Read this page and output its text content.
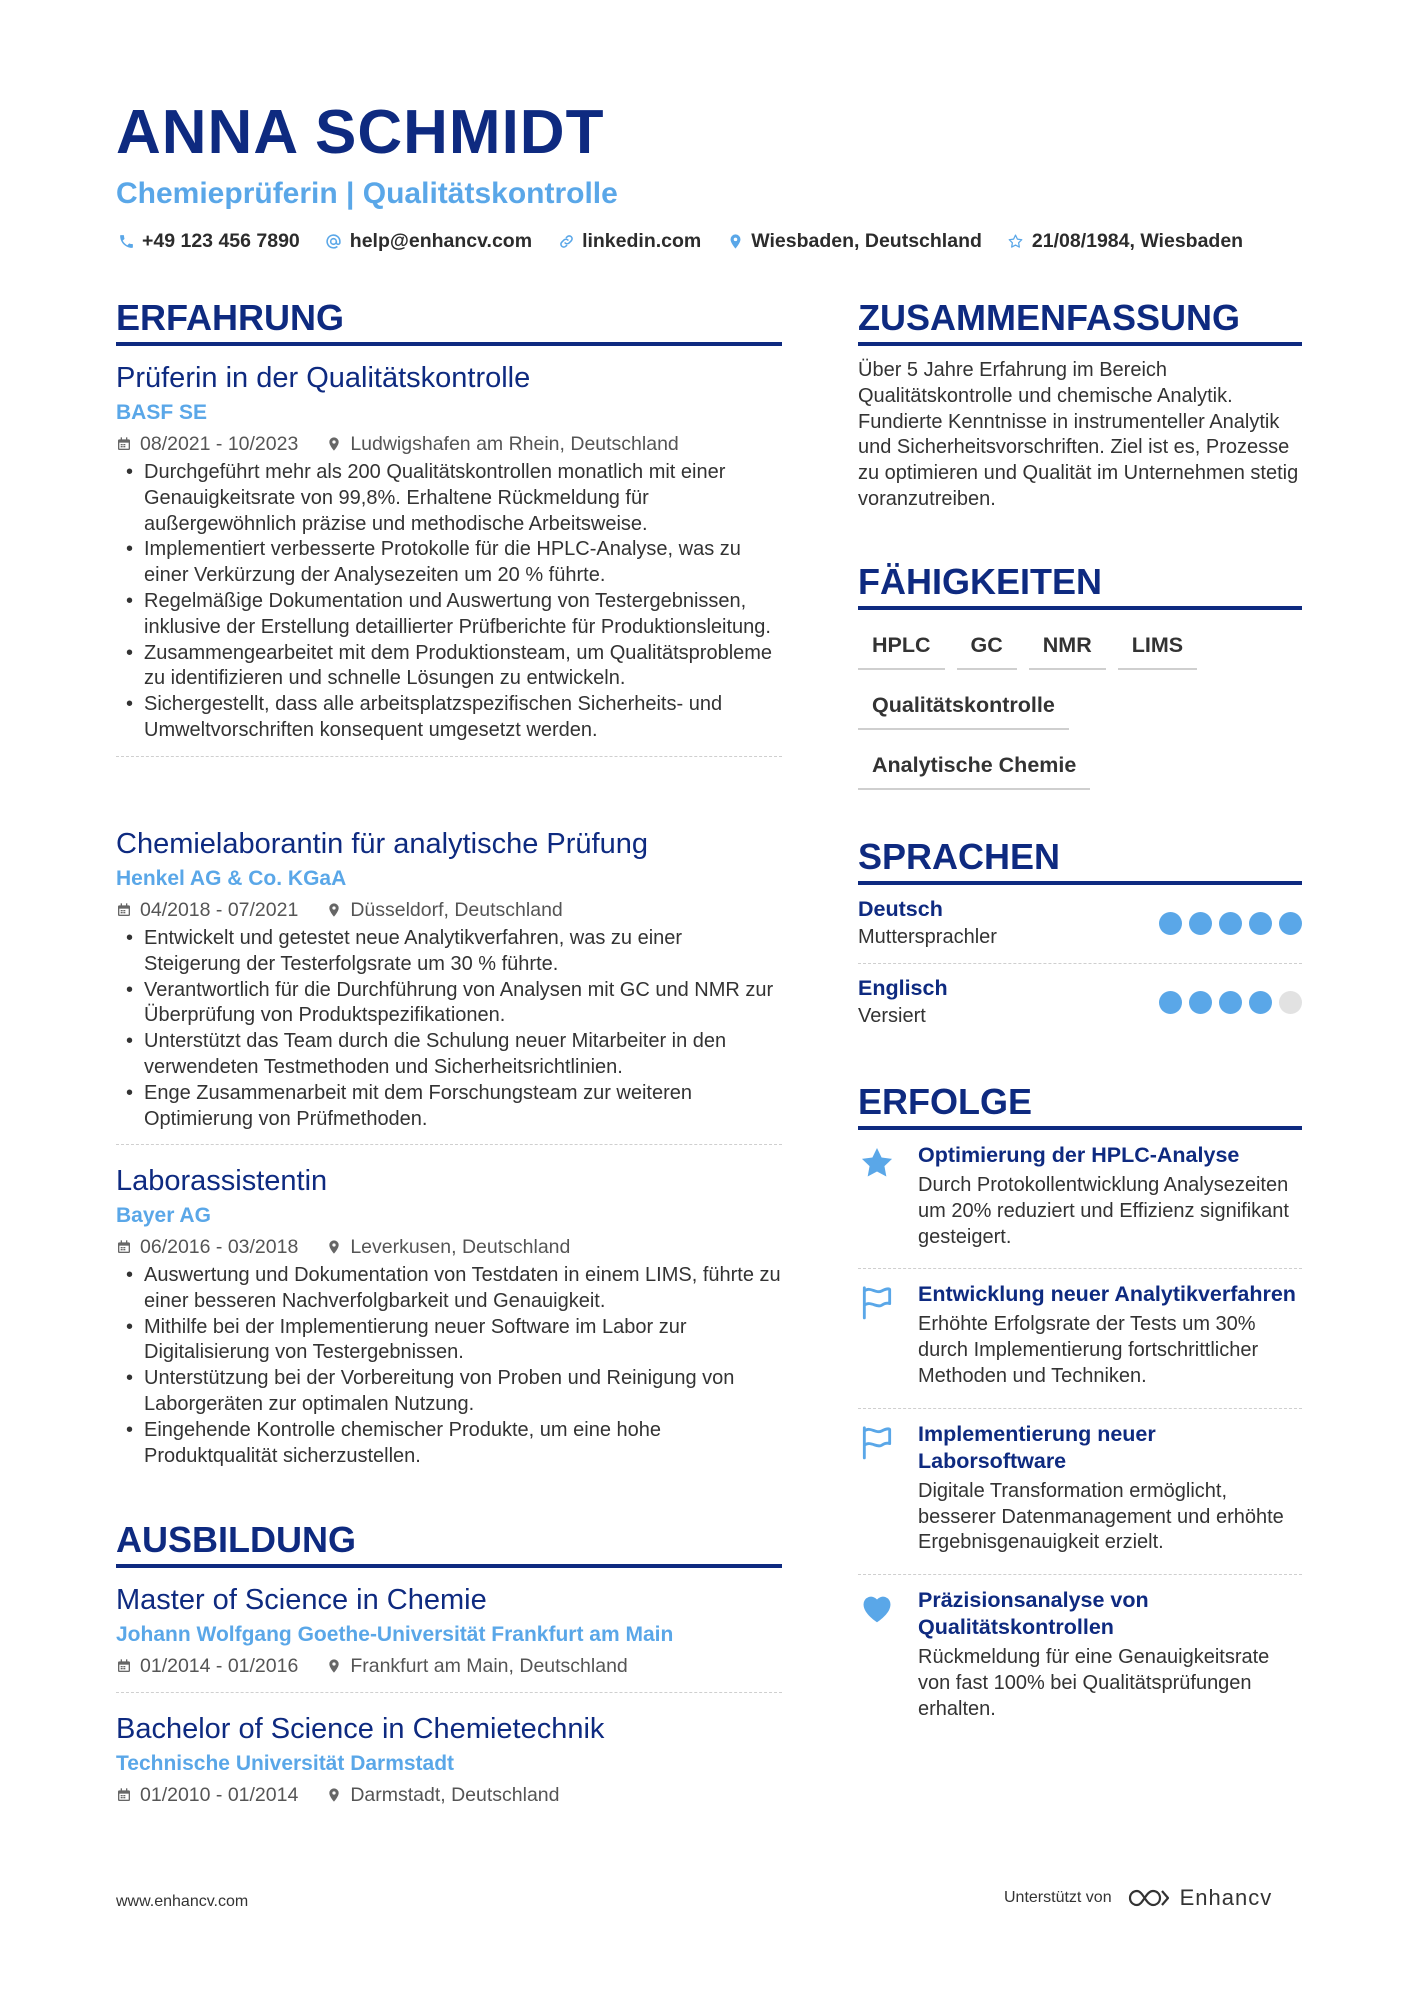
ANNA SCHMIDT
Chemieprüferin | Qualitätskontrolle
+49 123 456 7890	help@enhancv.com	linkedin.com	Wiesbaden, Deutschland	21/08/1984, Wiesbaden
ERFAHRUNG
Prüferin in der Qualitätskontrolle
BASF SE
08/2021 - 10/2023	Ludwigshafen am Rhein, Deutschland
• Durchgeführt mehr als 200 Qualitätskontrollen monatlich mit einer Genauigkeitsrate von 99,8%. Erhaltene Rückmeldung für außergewöhnlich präzise und methodische Arbeitsweise.
• Implementiert verbesserte Protokolle für die HPLC-Analyse, was zu einer Verkürzung der Analysezeiten um 20 % führte.
• Regelmäßige Dokumentation und Auswertung von Testergebnissen, inklusive der Erstellung detaillierter Prüfberichte für Produktionsleitung.
• Zusammengearbeitet mit dem Produktionsteam, um Qualitätsprobleme zu identifizieren und schnelle Lösungen zu entwickeln.
• Sichergestellt, dass alle arbeitsplatzspezifischen Sicherheits- und Umweltvorschriften konsequent umgesetzt werden.
Chemielaborantin für analytische Prüfung
Henkel AG & Co. KGaA
04/2018 - 07/2021	Düsseldorf, Deutschland
• Entwickelt und getestet neue Analytikverfahren, was zu einer Steigerung der Testerfolgsrate um 30 % führte.
• Verantwortlich für die Durchführung von Analysen mit GC und NMR zur Überprüfung von Produktspezifikationen.
• Unterstützt das Team durch die Schulung neuer Mitarbeiter in den verwendeten Testmethoden und Sicherheitsrichtlinien.
• Enge Zusammenarbeit mit dem Forschungsteam zur weiteren Optimierung von Prüfmethoden.
Laborassistentin
Bayer AG
06/2016 - 03/2018	Leverkusen, Deutschland
• Auswertung und Dokumentation von Testdaten in einem LIMS, führte zu einer besseren Nachverfolgbarkeit und Genauigkeit.
• Mithilfe bei der Implementierung neuer Software im Labor zur Digitalisierung von Testergebnissen.
• Unterstützung bei der Vorbereitung von Proben und Reinigung von Laborgeräten zur optimalen Nutzung.
• Eingehende Kontrolle chemischer Produkte, um eine hohe Produktqualität sicherzustellen.
AUSBILDUNG
Master of Science in Chemie
Johann Wolfgang Goethe-Universität Frankfurt am Main
01/2014 - 01/2016	Frankfurt am Main, Deutschland
Bachelor of Science in Chemietechnik
Technische Universität Darmstadt
01/2010 - 01/2014	Darmstadt, Deutschland
ZUSAMMENFASSUNG
Über 5 Jahre Erfahrung im Bereich Qualitätskontrolle und chemische Analytik. Fundierte Kenntnisse in instrumenteller Analytik und Sicherheitsvorschriften. Ziel ist es, Prozesse zu optimieren und Qualität im Unternehmen stetig voranzutreiben.
FÄHIGKEITEN
HPLC	GC	NMR	LIMS
Qualitätskontrolle
Analytische Chemie
SPRACHEN
Deutsch
Muttersprachler
Englisch
Versiert
ERFOLGE
Optimierung der HPLC-Analyse
Durch Protokollentwicklung Analysezeiten um 20% reduziert und Effizienz signifikant gesteigert.
Entwicklung neuer Analytikverfahren
Erhöhte Erfolgsrate der Tests um 30% durch Implementierung fortschrittlicher Methoden und Techniken.
Implementierung neuer Laborsoftware
Digitale Transformation ermöglicht, besserer Datenmanagement und erhöhte Ergebnisgenauigkeit erzielt.
Präzisionsanalyse von Qualitätskontrollen
Rückmeldung für eine Genauigkeitsrate von fast 100% bei Qualitätsprüfungen erhalten.
www.enhancv.com	Unterstützt von	Enhancv
